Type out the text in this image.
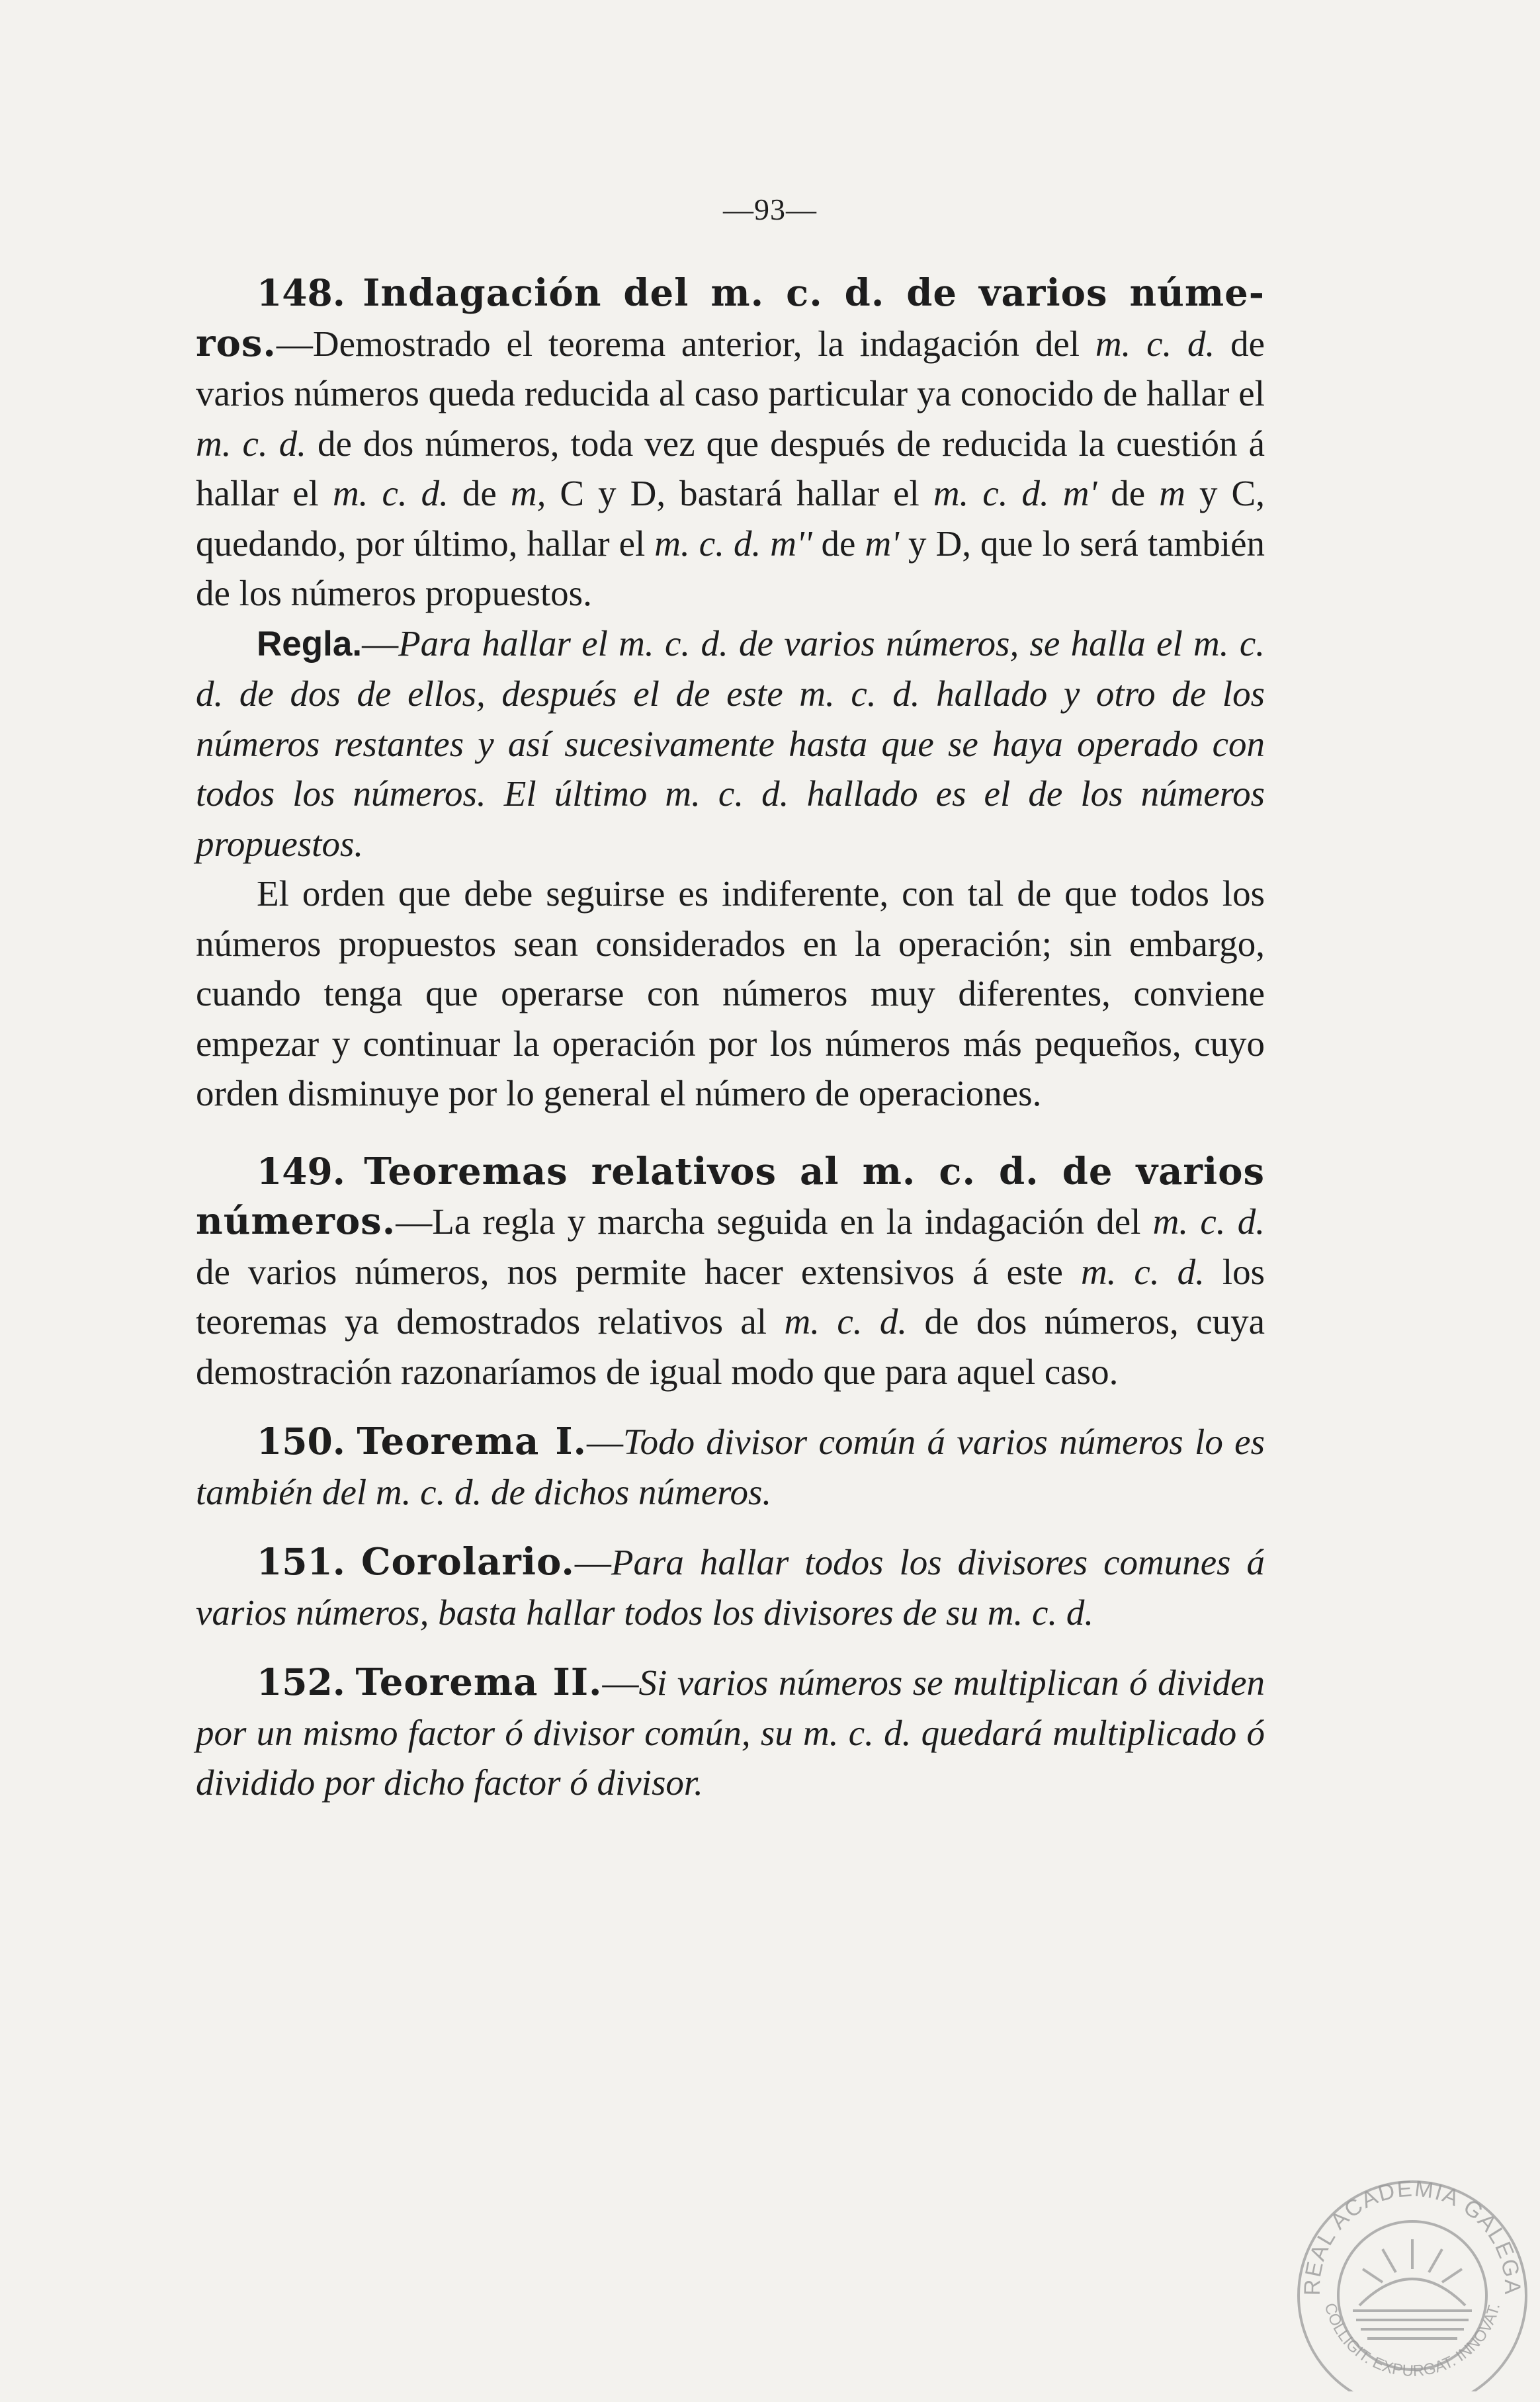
—93—

148. Indagación del m. c. d. de varios núme-ros.—Demostrado el teorema anterior, la indagación del m. c. d. de varios números queda reducida al caso particular ya conocido de hallar el m. c. d. de dos números, toda vez que después de reducida la cuestión á hallar el m. c. d. de m, C y D, bastará hallar el m. c. d. m' de m y C, quedando, por último, hallar el m. c. d. m'' de m' y D, que lo será también de los números propuestos.

Regla.—Para hallar el m. c. d. de varios números, se halla el m. c. d. de dos de ellos, después el de este m. c. d. hallado y otro de los números restantes y así sucesivamente hasta que se haya operado con todos los números. El último m. c. d. hallado es el de los números propuestos.

El orden que debe seguirse es indiferente, con tal de que todos los números propuestos sean considerados en la operación; sin embargo, cuando tenga que operarse con números muy diferentes, conviene empezar y continuar la operación por los números más pequeños, cuyo orden disminuye por lo general el número de operaciones.

149. Teoremas relativos al m. c. d. de varios números.—La regla y marcha seguida en la indagación del m. c. d. de varios números, nos permite hacer extensivos á este m. c. d. los teoremas ya demostrados relativos al m. c. d. de dos números, cuya demostración razonaríamos de igual modo que para aquel caso.

150. Teorema I.—Todo divisor común á varios números lo es también del m. c. d. de dichos números.

151. Corolario.—Para hallar todos los divisores comunes á varios números, basta hallar todos los divisores de su m. c. d.

152. Teorema II.—Si varios números se multiplican ó dividen por un mismo factor ó divisor común, su m. c. d. quedará multiplicado ó dividido por dicho factor ó divisor.

REAL ACADEMIA GALEGA
COLLIGIT. EXPURGAT. INNOVAT.
